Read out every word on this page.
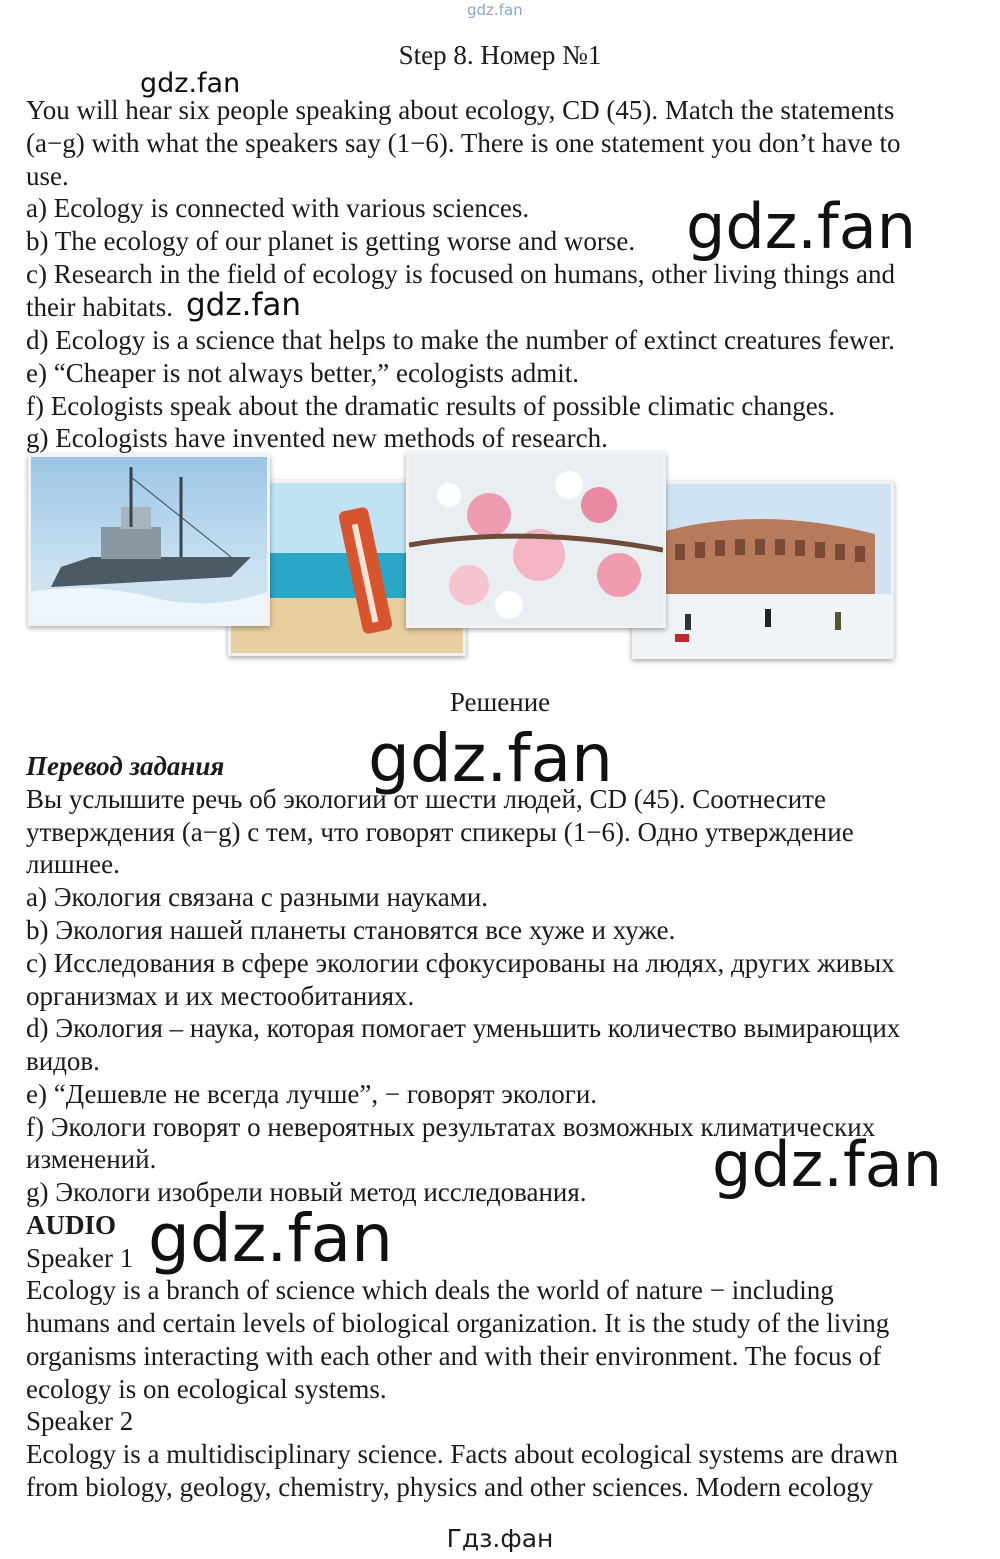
gdz.fan
Step 8. Номер №1
You will hear six people speaking about ecology, CD (45). Match the statements
(a−g) with what the speakers say (1−6). There is one statement you don’t have to
use.
a) Ecology is connected with various sciences.
b) The ecology of our planet is getting worse and worse.
c) Research in the field of ecology is focused on humans, other living things and
their habitats.
d) Ecology is a science that helps to make the number of extinct creatures fewer.
e) “Cheaper is not always better,” ecologists admit.
f) Ecologists speak about the dramatic results of possible climatic changes.
g) Ecologists have invented new methods of research.
Решение
Перевод задания
Вы услышите речь об экологии от шести людей, CD (45). Соотнесите
утверждения (a−g) с тем, что говорят спикеры (1−6). Одно утверждение
лишнее.
a) Экология связана с разными науками.
b) Экология нашей планеты становятся все хуже и хуже.
c) Исследования в сфере экологии сфокусированы на людях, других живых
организмах и их местообитаниях.
d) Экология – наука, которая помогает уменьшить количество вымирающих
видов.
e) “Дешевле не всегда лучше”, − говорят экологи.
f) Экологи говорят о невероятных результатах возможных климатических
изменений.
g) Экологи изобрели новый метод исследования.
AUDIO
Speaker 1
Ecology is a branch of science which deals the world of nature − including
humans and certain levels of biological organization. It is the study of the living
organisms interacting with each other and with their environment. The focus of
ecology is on ecological systems.
Speaker 2
Ecology is a multidisciplinary science. Facts about ecological systems are drawn
from biology, geology, chemistry, physics and other sciences. Modern ecology
gdz.fan
gdz.fan
gdz.fan
gdz.fan
gdz.fan
gdz.fan
Гдз.фан
